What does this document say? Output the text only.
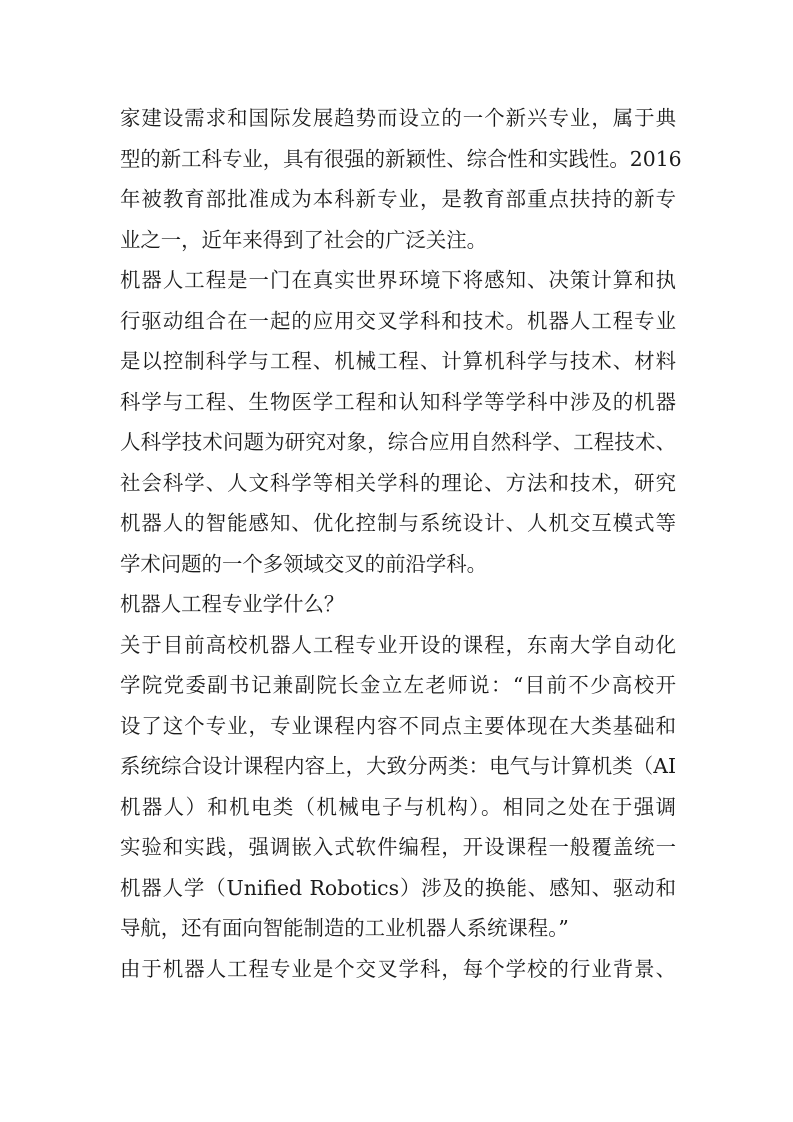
家建设需求和国际发展趋势而设立的一个新兴专业，属于典
型的新工科专业，具有很强的新颖性、综合性和实践性。2016
年被教育部批准成为本科新专业，是教育部重点扶持的新专
业之一，近年来得到了社会的广泛关注。
机器人工程是一门在真实世界环境下将感知、决策计算和执
行驱动组合在一起的应用交叉学科和技术。机器人工程专业
是以控制科学与工程、机械工程、计算机科学与技术、材料
科学与工程、生物医学工程和认知科学等学科中涉及的机器
人科学技术问题为研究对象，综合应用自然科学、工程技术、
社会科学、人文科学等相关学科的理论、方法和技术，研究
机器人的智能感知、优化控制与系统设计、人机交互模式等
学术问题的一个多领域交叉的前沿学科。
机器人工程专业学什么？
关于目前高校机器人工程专业开设的课程，东南大学自动化
学院党委副书记兼副院长金立左老师说：“目前不少高校开
设了这个专业，专业课程内容不同点主要体现在大类基础和
系统综合设计课程内容上，大致分两类：电气与计算机类（AI
机器人）和机电类（机械电子与机构）。相同之处在于强调
实验和实践，强调嵌入式软件编程，开设课程一般覆盖统一
机器人学（Unified Robotics）涉及的换能、感知、驱动和
导航，还有面向智能制造的工业机器人系统课程。”
由于机器人工程专业是个交叉学科，每个学校的行业背景、
